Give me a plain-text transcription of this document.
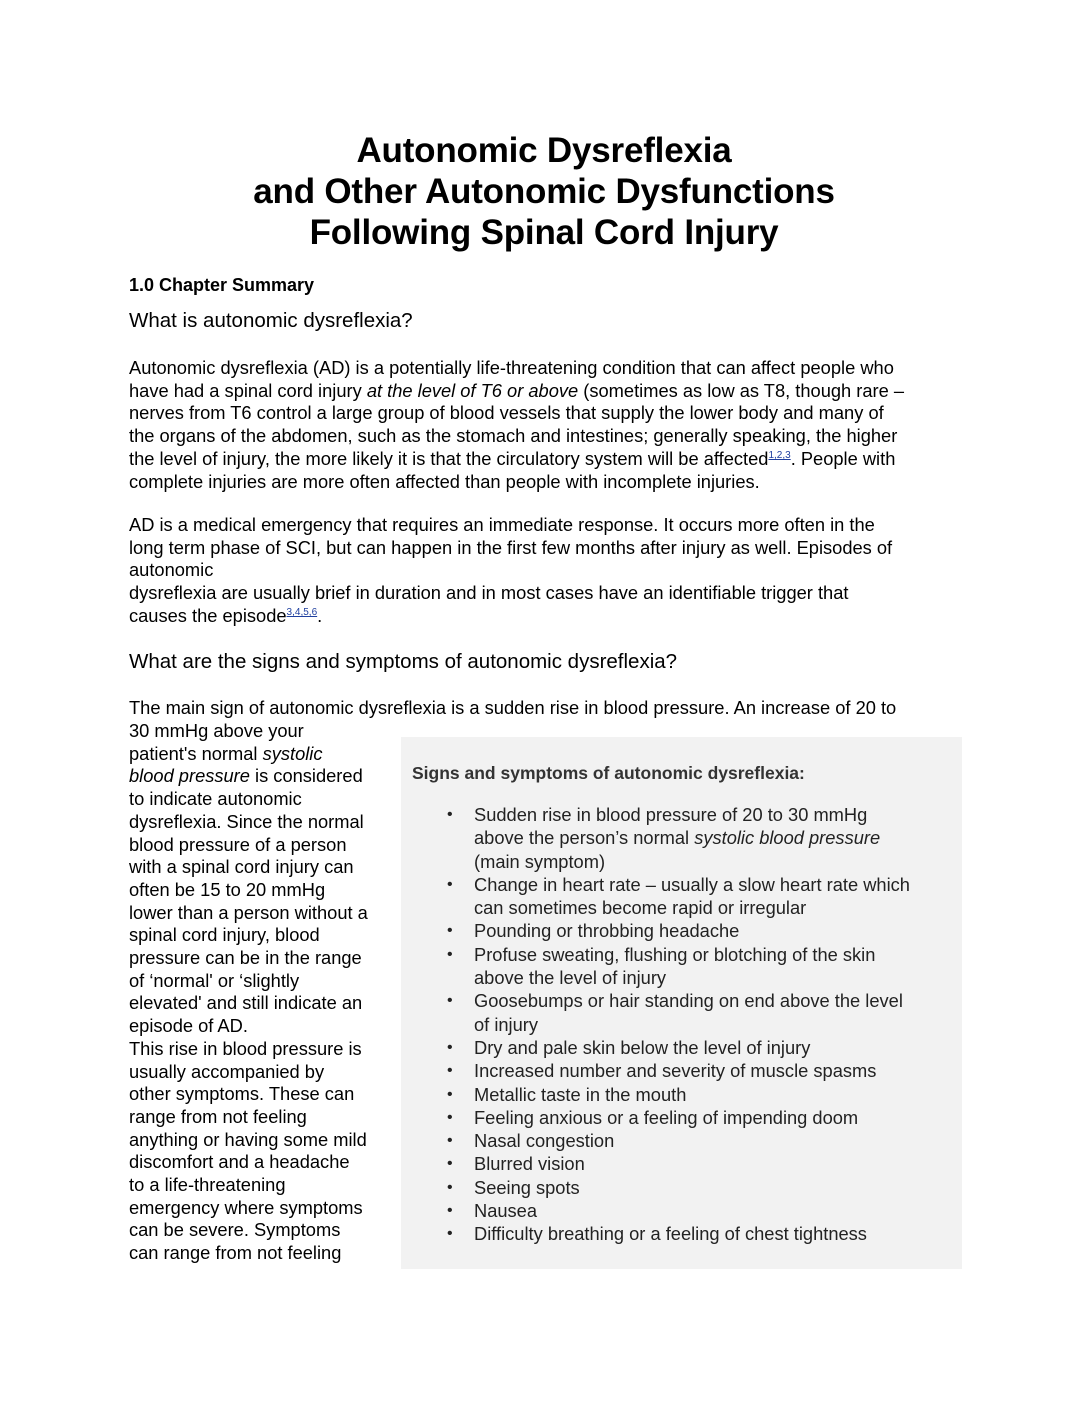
Autonomic Dysreflexia
and Other Autonomic Dysfunctions
Following Spinal Cord Injury
1.0 Chapter Summary
What is autonomic dysreflexia?
Autonomic dysreflexia (AD) is a potentially life-threatening condition that can affect people who
have had a spinal cord injury at the level of T6 or above (sometimes as low as T8, though rare –
nerves from T6 control a large group of blood vessels that supply the lower body and many of
the organs of the abdomen, such as the stomach and intestines; generally speaking, the higher
the level of injury, the more likely it is that the circulatory system will be affected$^{1,2,3}$. People with
complete injuries are more often affected than people with incomplete injuries.
AD is a medical emergency that requires an immediate response. It occurs more often in the
long term phase of SCI, but can happen in the first few months after injury as well. Episodes of
autonomic
dysreflexia are usually brief in duration and in most cases have an identifiable trigger that
causes the episode$^{3,4,5,6}$.
What are the signs and symptoms of autonomic dysreflexia?
The main sign of autonomic dysreflexia is a sudden rise in blood pressure. An increase of 20 to
30 mmHg above your
patient's normal systolic
blood pressure is considered
to indicate autonomic
dysreflexia. Since the normal
blood pressure of a person
with a spinal cord injury can
often be 15 to 20 mmHg
lower than a person without a
spinal cord injury, blood
pressure can be in the range
of ‘normal' or ‘slightly
elevated' and still indicate an
episode of AD.
This rise in blood pressure is
usually accompanied by
other symptoms. These can
range from not feeling
anything or having some mild
discomfort and a headache
to a life-threatening
emergency where symptoms
can be severe. Symptoms
can range from not feeling
Signs and symptoms of autonomic dysreflexia:
• Sudden rise in blood pressure of 20 to 30 mmHg
above the person’s normal systolic blood pressure
(main symptom)
• Change in heart rate – usually a slow heart rate which
can sometimes become rapid or irregular
• Pounding or throbbing headache
• Profuse sweating, flushing or blotching of the skin
above the level of injury
• Goosebumps or hair standing on end above the level
of injury
• Dry and pale skin below the level of injury
• Increased number and severity of muscle spasms
• Metallic taste in the mouth
• Feeling anxious or a feeling of impending doom
• Nasal congestion
• Blurred vision
• Seeing spots
• Nausea
• Difficulty breathing or a feeling of chest tightness
